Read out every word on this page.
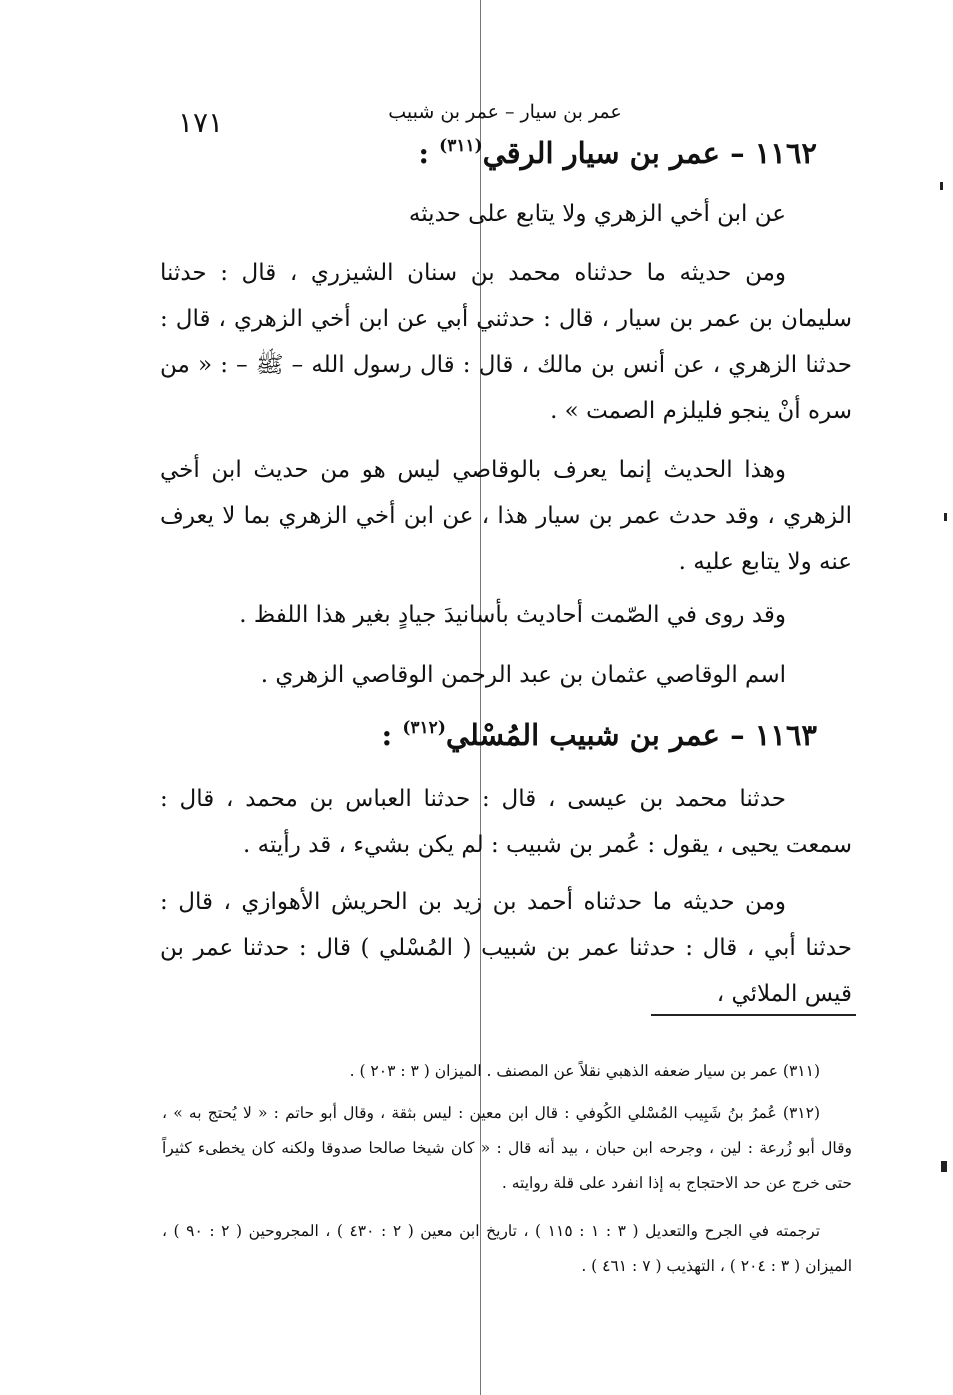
١٧١	عمر بن سيار – عمر بن شبيب
١١٦٢ – عمر بن سيار الرقي$^{(٣١١)}$ :
عن ابن أخي الزهري ولا يتابع على حديثه
ومن حديثه ما حدثناه محمد بن سنان الشيزري ، قال : حدثنا سليمان بن عمر بن سيار ، قال : حدثني أبي عن ابن أخي الزهري ، قال : حدثنا الزهري ، عن أنس بن مالك ، قال : قال رسول الله – ﷺ – : « من سره أنْ ينجو فليلزم الصمت » .
وهذا الحديث إنما يعرف بالوقاصي ليس هو من حديث ابن أخي الزهري ، وقد حدث عمر بن سيار هذا ، عن ابن أخي الزهري بما لا يعرف عنه ولا يتابع عليه .
وقد روى في الصّمت أحاديث بأسانيدَ جيادٍ بغير هذا اللفظ .
اسم الوقاصي عثمان بن عبد الرحمن الوقاصي الزهري .
١١٦٣ – عمر بن شبيب المُسْلي$^{(٣١٢)}$ :
حدثنا محمد بن عيسى ، قال : حدثنا العباس بن محمد ، قال : سمعت يحيى ، يقول : عُمر بن شبيب : لم يكن بشيء ، قد رأيته .
ومن حديثه ما حدثناه أحمد بن زيد بن الحريش الأهوازي ، قال : حدثنا أبي ، قال : حدثنا عمر بن شبيب ( المُسْلي ) قال : حدثنا عمر بن قيس الملائي ،
(٣١١) عمر بن سيار ضعفه الذهبي نقلاً عن المصنف . الميزان ( ٣ : ٢٠٣ ) .
(٣١٢) عُمرُ بنُ شَبِيب المُسْلي الكُوفي : قال ابن معين : ليس بثقة ، وقال أبو حاتم : « لا يُحتج به » ، وقال أبو زُرعة : لين ، وجرحه ابن حبان ، بيد أنه قال : « كان شيخا صالحا صدوقا ولكنه كان يخطىء كثيراً حتى خرج عن حد الاحتجاج به إذا انفرد على قلة روايته .
ترجمته في الجرح والتعديل ( ٣ : ١ : ١١٥ ) ، تاريخ ابن معين ( ٢ : ٤٣٠ ) ، المجروحين ( ٢ : ٩٠ ) ، الميزان ( ٣ : ٢٠٤ ) ، التهذيب ( ٧ : ٤٦١ ) .
